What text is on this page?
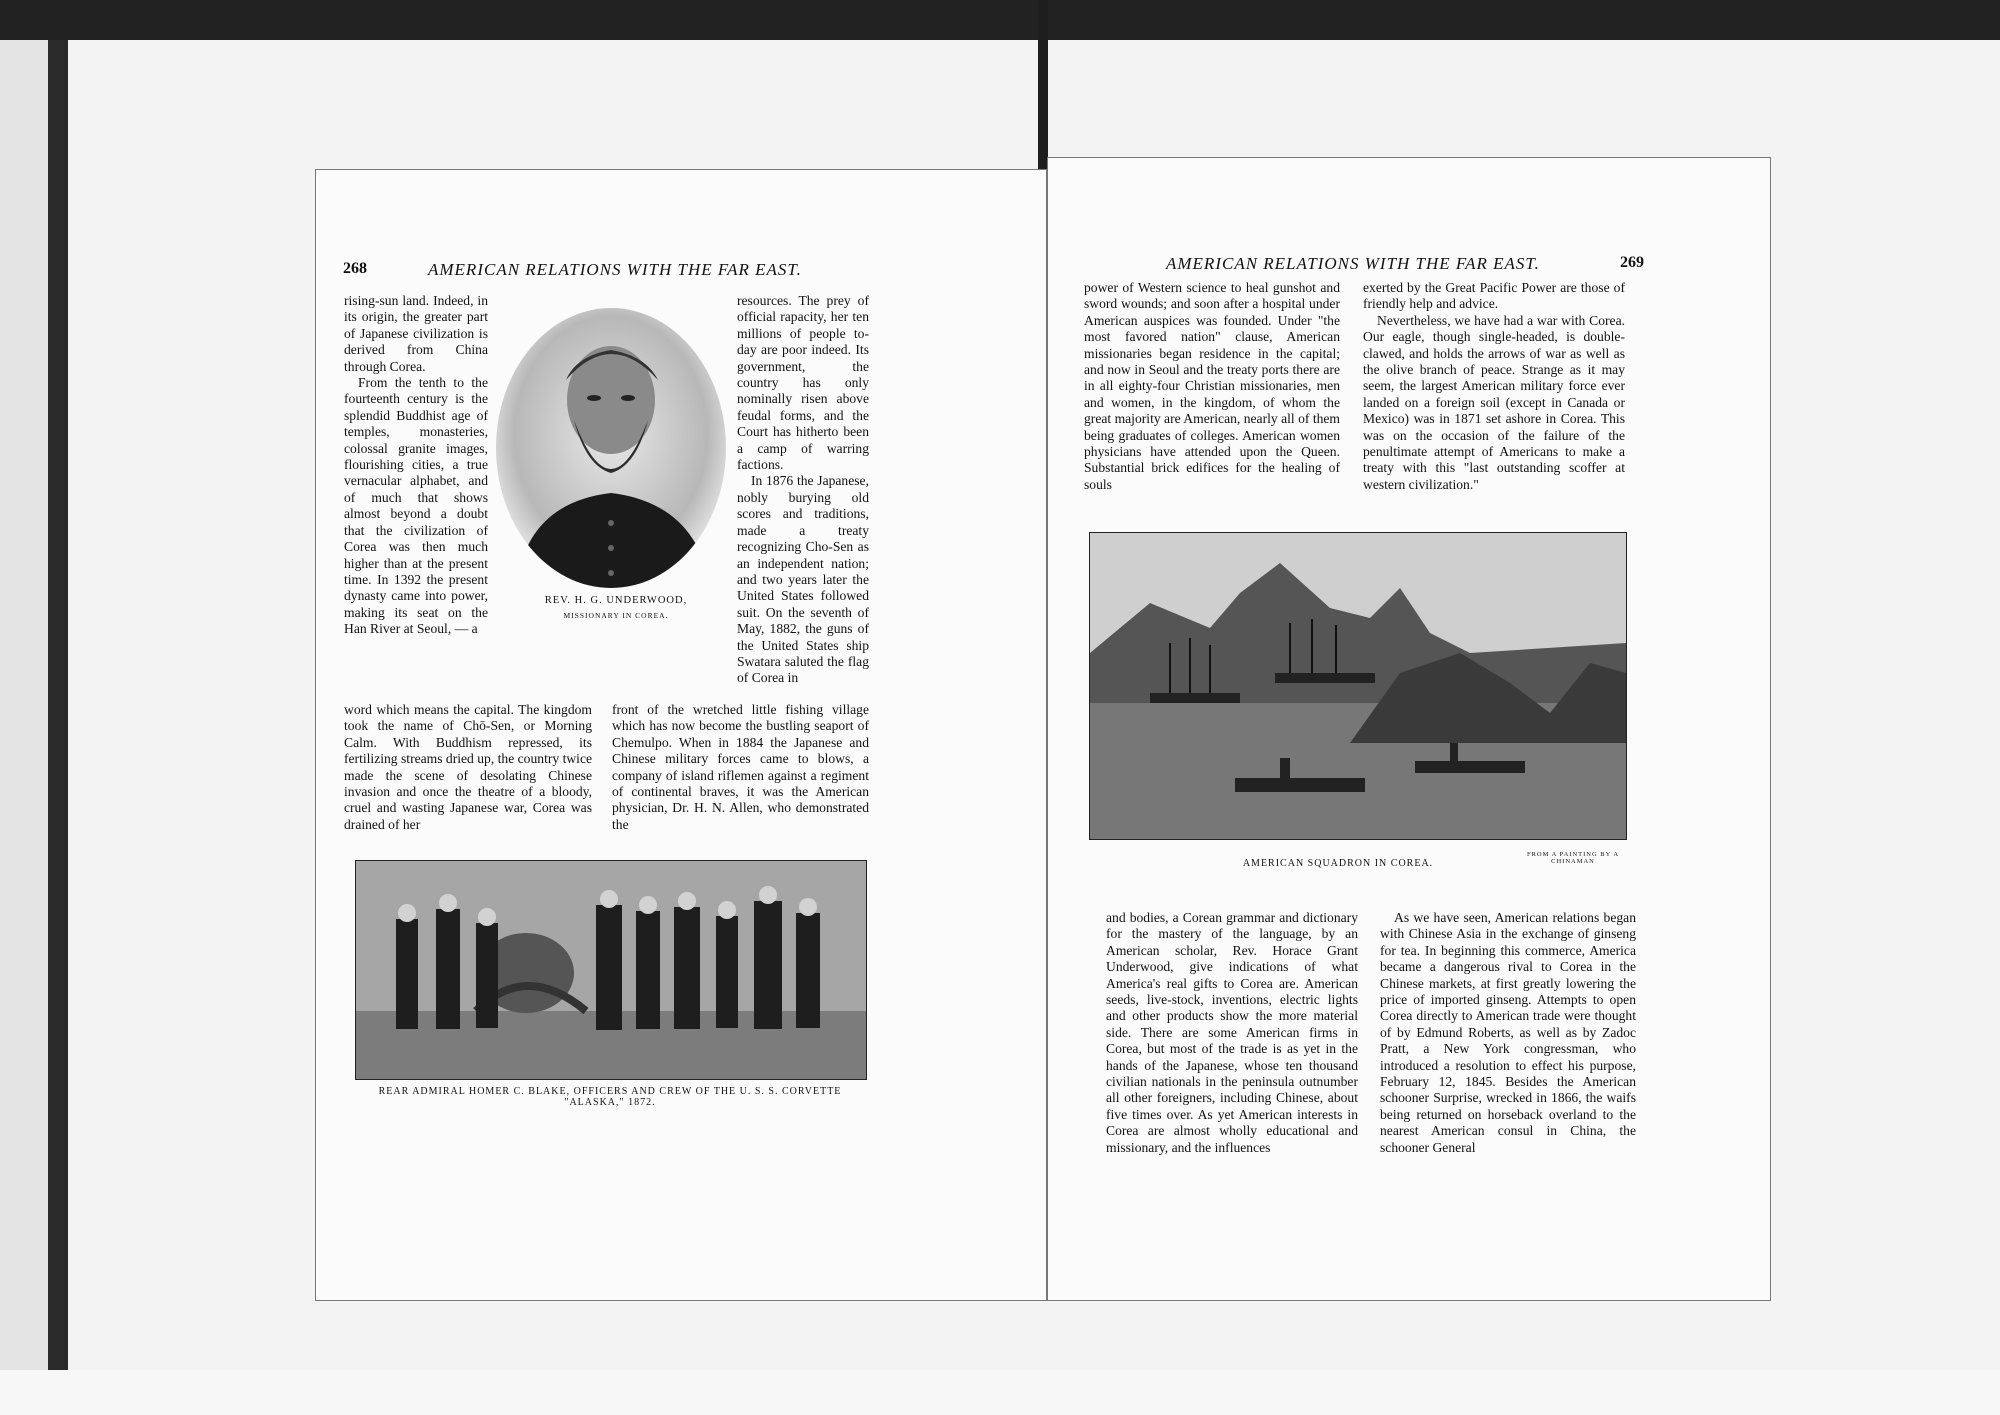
268	AMERICAN RELATIONS WITH THE FAR EAST.

rising-sun land. Indeed, in its origin, the greater part of Japanese civilization is derived from China through Corea.

From the tenth to the fourteenth century is the splendid Buddhist age of temples, monasteries, colossal granite images, flourishing cities, a true vernacular alphabet, and of much that shows almost beyond a doubt that the civilization of Corea was then much higher than at the present time. In 1392 the present dynasty came into power, making its seat on the Han River at Seoul, — a

REV. H. G. UNDERWOOD,
MISSIONARY IN COREA.

resources. The prey of official rapacity, her ten millions of people to-day are poor indeed. Its government, the country has only nominally risen above feudal forms, and the Court has hitherto been a camp of warring factions.

In 1876 the Japanese, nobly burying old scores and traditions, made a treaty recognizing Cho-Sen as an independent nation; and two years later the United States followed suit. On the seventh of May, 1882, the guns of the United States ship Swatara saluted the flag of Corea in

word which means the capital. The kingdom took the name of Chō-Sen, or Morning Calm. With Buddhism repressed, its fertilizing streams dried up, the country twice made the scene of desolating Chinese invasion and once the theatre of a bloody, cruel and wasting Japanese war, Corea was drained of her

front of the wretched little fishing village which has now become the bustling seaport of Chemulpo. When in 1884 the Japanese and Chinese military forces came to blows, a company of island riflemen against a regiment of continental braves, it was the American physician, Dr. H. N. Allen, who demonstrated the

REAR ADMIRAL HOMER C. BLAKE, OFFICERS AND CREW OF THE U. S. S. CORVETTE "ALASKA," 1872.
AMERICAN RELATIONS WITH THE FAR EAST.	269

power of Western science to heal gunshot and sword wounds; and soon after a hospital under American auspices was founded. Under "the most favored nation" clause, American missionaries began residence in the capital; and now in Seoul and the treaty ports there are in all eighty-four Christian missionaries, men and women, in the kingdom, of whom the great majority are American, nearly all of them being graduates of colleges. American women physicians have attended upon the Queen. Substantial brick edifices for the healing of souls

exerted by the Great Pacific Power are those of friendly help and advice.

Nevertheless, we have had a war with Corea. Our eagle, though single-headed, is double-clawed, and holds the arrows of war as well as the olive branch of peace. Strange as it may seem, the largest American military force ever landed on a foreign soil (except in Canada or Mexico) was in 1871 set ashore in Corea. This was on the occasion of the failure of the penultimate attempt of Americans to make a treaty with this "last outstanding scoffer at western civilization."

AMERICAN SQUADRON IN COREA.
FROM A PAINTING BY A CHINAMAN

and bodies, a Corean grammar and dictionary for the mastery of the language, by an American scholar, Rev. Horace Grant Underwood, give indications of what America's real gifts to Corea are. American seeds, live-stock, inventions, electric lights and other products show the more material side. There are some American firms in Corea, but most of the trade is as yet in the hands of the Japanese, whose ten thousand civilian nationals in the peninsula outnumber all other foreigners, including Chinese, about five times over. As yet American interests in Corea are almost wholly educational and missionary, and the influences

As we have seen, American relations began with Chinese Asia in the exchange of ginseng for tea. In beginning this commerce, America became a dangerous rival to Corea in the Chinese markets, at first greatly lowering the price of imported ginseng. Attempts to open Corea directly to American trade were thought of by Edmund Roberts, as well as by Zadoc Pratt, a New York congressman, who introduced a resolution to effect his purpose, February 12, 1845. Besides the American schooner Surprise, wrecked in 1866, the waifs being returned on horseback overland to the nearest American consul in China, the schooner General
